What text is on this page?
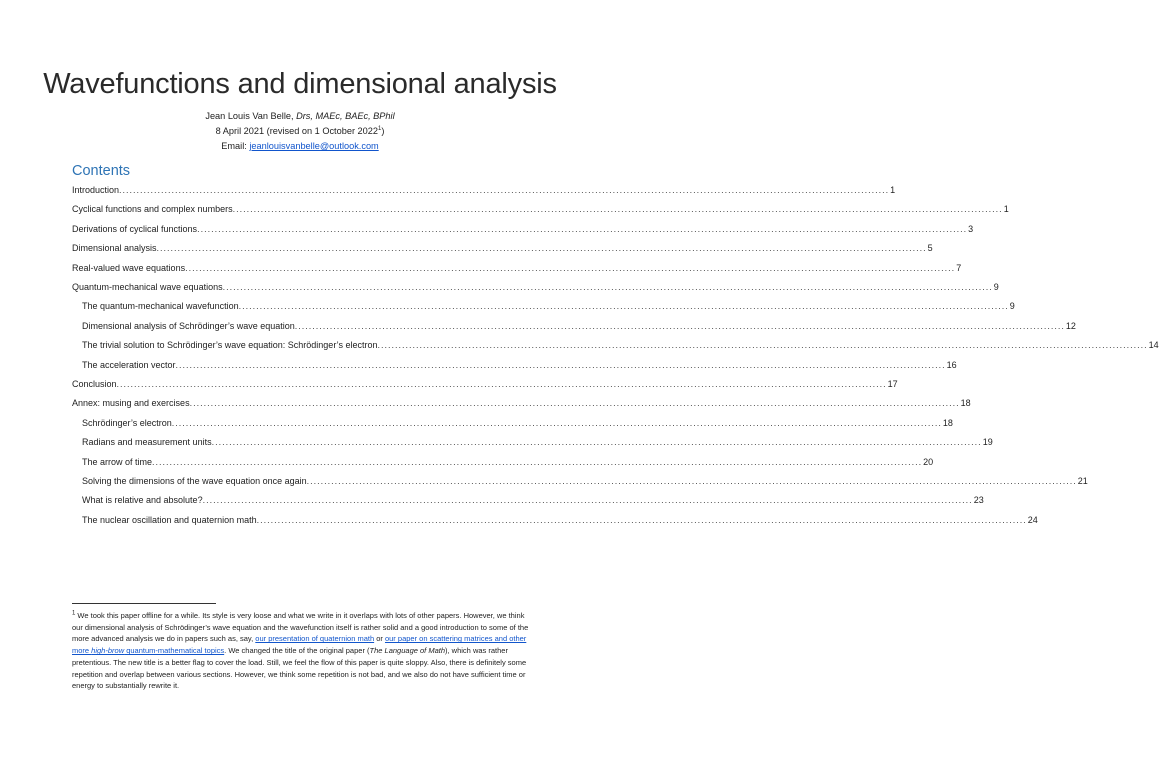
Wavefunctions and dimensional analysis
Jean Louis Van Belle, Drs, MAEc, BAEc, BPhil
8 April 2021 (revised on 1 October 2022$^1$)
Email: jeanlouisvanbelle@outlook.com
Contents
Introduction ............................................................................................................................................................................................................................ 1
Cyclical functions and complex numbers ............................................................................................................................................................................................................................ 1
Derivations of cyclical functions ............................................................................................................................................................................................................................ 3
Dimensional analysis ............................................................................................................................................................................................................................ 5
Real-valued wave equations ............................................................................................................................................................................................................................ 7
Quantum-mechanical wave equations ............................................................................................................................................................................................................................ 9
The quantum-mechanical wavefunction ............................................................................................................................................................................................................................ 9
Dimensional analysis of Schrödinger’s wave equation ............................................................................................................................................................................................................................ 12
The trivial solution to Schrödinger’s wave equation: Schrödinger’s electron ............................................................................................................................................................................................................................ 14
The acceleration vector ............................................................................................................................................................................................................................ 16
Conclusion ............................................................................................................................................................................................................................ 17
Annex: musing and exercises ............................................................................................................................................................................................................................ 18
Schrödinger’s electron ............................................................................................................................................................................................................................ 18
Radians and measurement units ............................................................................................................................................................................................................................ 19
The arrow of time ............................................................................................................................................................................................................................ 20
Solving the dimensions of the wave equation once again ............................................................................................................................................................................................................................ 21
What is relative and absolute? ............................................................................................................................................................................................................................ 23
The nuclear oscillation and quaternion math ............................................................................................................................................................................................................................ 24
$^1$ We took this paper offline for a while. Its style is very loose and what we write in it overlaps with lots of other papers. However, we think our dimensional analysis of Schrödinger’s wave equation and the wavefunction itself is rather solid and a good introduction to some of the more advanced analysis we do in papers such as, say, our presentation of quaternion math or our paper on scattering matrices and other more high-brow quantum-mathematical topics. We changed the title of the original paper (The Language of Math), which was rather pretentious. The new title is a better flag to cover the load. Still, we feel the flow of this paper is quite sloppy. Also, there is definitely some repetition and overlap between various sections. However, we think some repetition is not bad, and we also do not have sufficient time or energy to substantially rewrite it.
